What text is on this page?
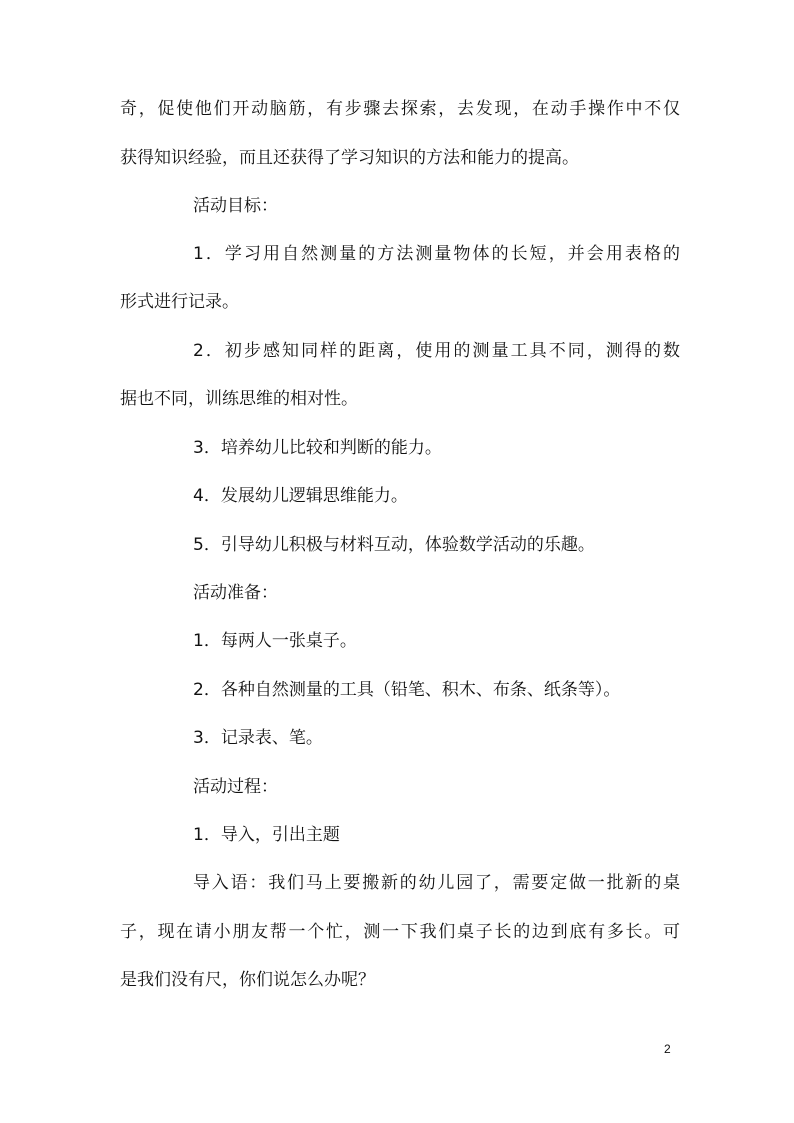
奇，促使他们开动脑筋，有步骤去探索，去发现，在动手操作中不仅
获得知识经验，而且还获得了学习知识的方法和能力的提高。
活动目标：
1．学习用自然测量的方法测量物体的长短，并会用表格的
形式进行记录。
2．初步感知同样的距离，使用的测量工具不同，测得的数
据也不同，训练思维的相对性。
3．培养幼儿比较和判断的能力。
4．发展幼儿逻辑思维能力。
5．引导幼儿积极与材料互动，体验数学活动的乐趣。
活动准备：
1．每两人一张桌子。
2．各种自然测量的工具（铅笔、积木、布条、纸条等）。
3．记录表、笔。
活动过程：
1．导入，引出主题
导入语：我们马上要搬新的幼儿园了，需要定做一批新的桌
子，现在请小朋友帮一个忙，测一下我们桌子长的边到底有多长。可
是我们没有尺，你们说怎么办呢？
2
